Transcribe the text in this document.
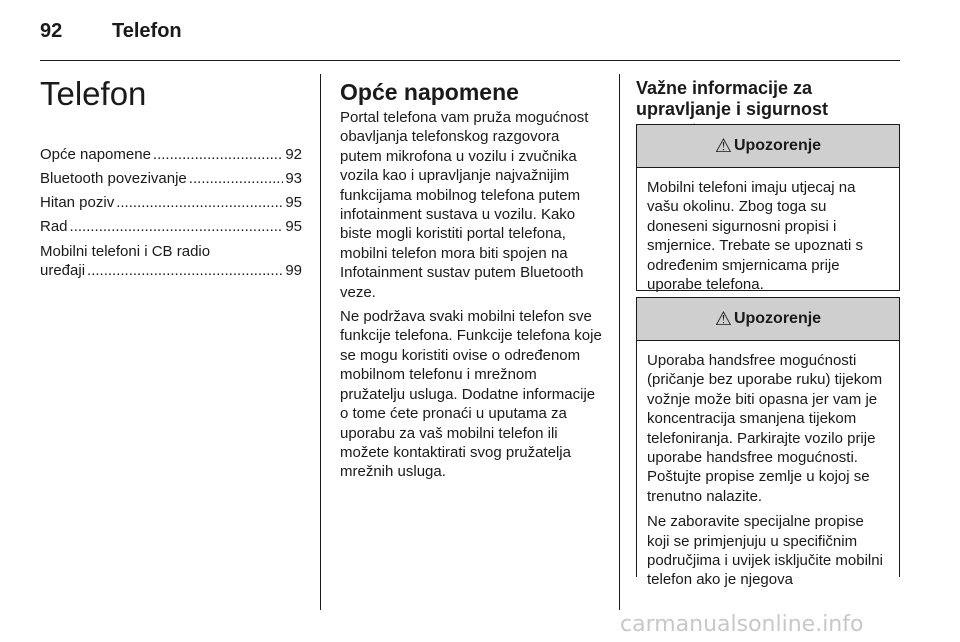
92 Telefon
Telefon
Opće napomene .....	92
Bluetooth povezivanje .....	93
Hitan poziv .....	95
Rad .....	95
Mobilni telefoni i CB radio
uređaji .....	99
Opće napomene

Portal telefona vam pruža mogućnost obavljanja telefonskog razgovora putem mikrofona u vozilu i zvučnika vozila kao i upravljanje najvažnijim funkcijama mobilnog telefona putem infotainment sustava u vozilu. Kako biste mogli koristiti portal telefona, mobilni telefon mora biti spojen na Infotainment sustav putem Bluetooth veze.

Ne podržava svaki mobilni telefon sve funkcije telefona. Funkcije telefona koje se mogu koristiti ovise o određenom mobilnom telefonu i mrežnom pružatelju usluga. Dodatne informacije o tome ćete pronaći u uputama za uporabu za vaš mobilni telefon ili možete kontaktirati svog pružatelja mrežnih usluga.

Važne informacije za
upravljanje i sigurnost
⚠ Upozorenje

Mobilni telefoni imaju utjecaj na vašu okolinu. Zbog toga su doneseni sigurnosni propisi i smjernice. Trebate se upoznati s određenim smjernicama prije uporabe telefona.

⚠ Upozorenje

Uporaba handsfree mogućnosti (pričanje bez uporabe ruku) tijekom vožnje može biti opasna jer vam je koncentracija smanjena tijekom telefoniranja. Parkirajte vozilo prije uporabe handsfree mogućnosti. Poštujte propise zemlje u kojoj se trenutno nalazite.

Ne zaboravite specijalne propise koji se primjenjuju u specifičnim područjima i uvijek isključite mobilni telefon ako je njegova

carmanualsonline.info
